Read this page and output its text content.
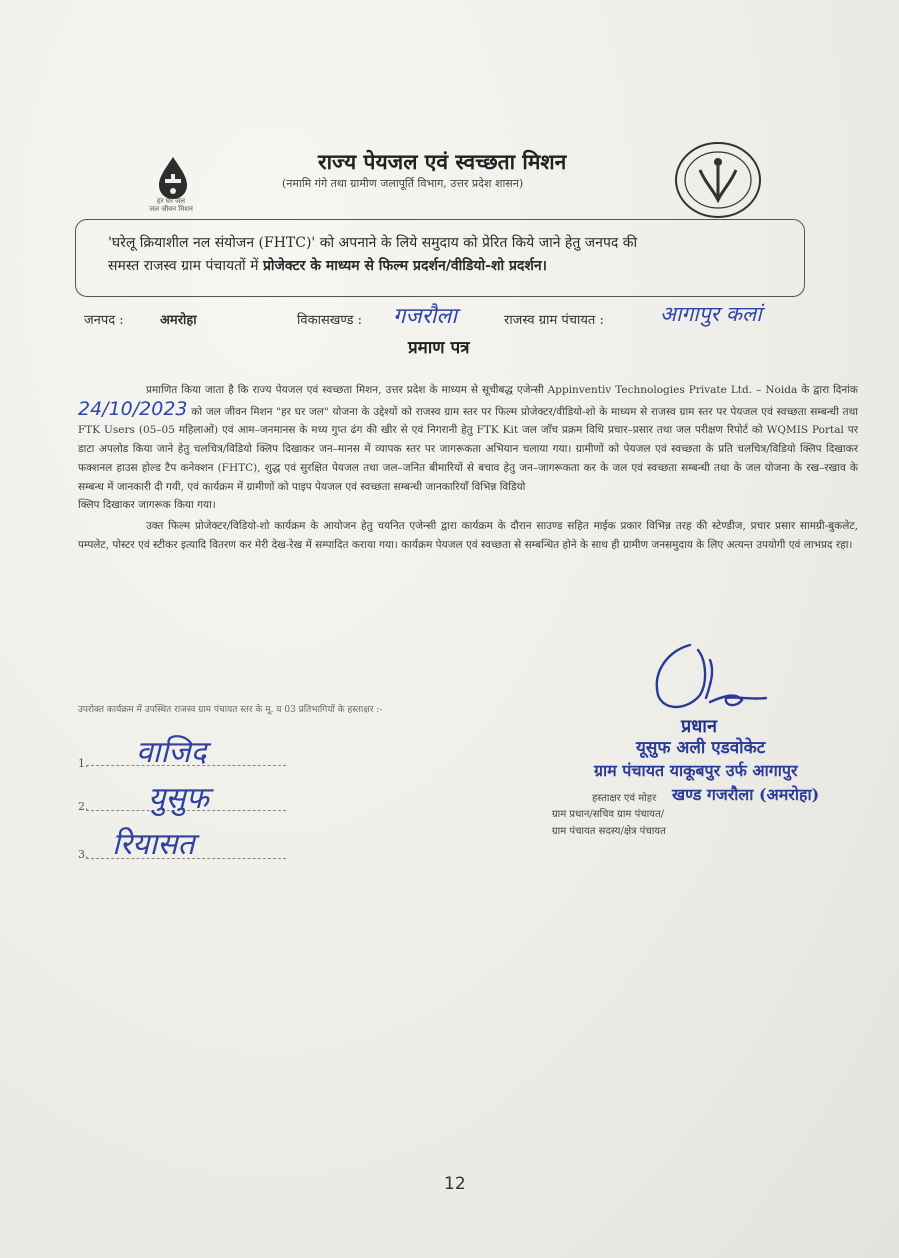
हर घर जल
जल जीवन मिशन
राज्य पेयजल एवं स्वच्छता मिशन
(नमामि गंगे तथा ग्रामीण जलापूर्ति विभाग, उत्तर प्रदेश शासन)
'घरेलू क्रियाशील नल संयोजन (FHTC)' को अपनाने के लिये समुदाय को प्रेरित किये जाने हेतु जनपद की
समस्त राजस्व ग्राम पंचायतों में प्रोजेक्टर के माध्यम से फिल्म प्रदर्शन/वीडियो-शो प्रदर्शन।
जनपद :	अमरोहा	विकासखण्ड : गजरौला	राजस्व ग्राम पंचायत :	आगापुर कलां
प्रमाण पत्र

प्रमाणित किया जाता है कि राज्य पेयजल एवं स्वच्छता मिशन, उत्तर प्रदेश के माध्यम से सूचीबद्ध एजेन्सी Appinventiv Technologies Private Ltd. – Noida के द्वारा दिनांक 24/10/2023 को जल जीवन मिशन "हर घर जल" योजना के उद्देश्यों को राजस्व ग्राम स्तर पर फिल्म प्रोजेक्टर/वीडियो-शो के माध्यम से राजस्व ग्राम स्तर पर पेयजल एवं स्वच्छता सम्बन्धी तथा FTK Users (05–05 महिलाओं) एवं आम–जनमानस के मध्य गुप्त ढंग की खीर से एवं निगरानी हेतु FTK Kit जल जाँच प्रक्रम विधि प्रचार–प्रसार तथा जल परीक्षण रिपोर्ट को WQMIS Portal पर डाटा अपलोड किया जाने हेतु चलचित्र/विडियो क्लिप दिखाकर जन–मानस में व्यापक स्तर पर जागरूकता अभियान चलाया गया। ग्रामीणों को पेयजल एवं स्वच्छता के प्रति चलचित्र/विडियो क्लिप दिखाकर फक्शनल हाउस होल्ड टैप कनेक्शन (FHTC), शुद्ध एवं सुरक्षित पेयजल तथा जल–जनित बीमारियों से बचाव हेतु जन–जागरूकता कर के जल एवं स्वच्छता सम्बन्धी तथा के जल योजना के रख–रखाव के सम्बन्ध में जानकारी दी गयी, एवं कार्यक्रम में ग्रामीणों को पाइप पेयजल एवं स्वच्छता सम्बन्धी जानकारियाँ विभिन्न विडियो

क्लिप दिखाकर जागरूक किया गया।

उक्त फिल्म प्रोजेक्टर/विडियो-शो कार्यक्रम के आयोजन हेतु चयनित एजेन्सी द्वारा कार्यक्रम के दौरान साउण्ड सहित माईक प्रकार विभिन्न तरह की स्टेण्डीज, प्रचार प्रसार सामग्री-बुकलेट, पम्पलेट, पोस्टर एवं स्टीकर इत्यादि वितरण कर मेरी देख-रेख में सम्पादित कराया गया। कार्यक्रम पेयजल एवं स्वच्छता से सम्बन्धित होने के साथ ही ग्रामीण जनसमुदाय के लिए अत्यन्त उपयोगी एवं लाभप्रद रहा।

उपरोक्त कार्यक्रम में उपस्थित राजस्व ग्राम पंचायत स्तर के मू. य 03 प्रतिभागियों के हस्ताक्षर :-
1. वाजिद
2. युसुफ
3. रियासत
प्रधान
यूसुफ अली एडवोकेट
ग्राम पंचायत याकूबपुर उर्फ आगापुर
खण्ड गजरौला (अमरोहा)
हस्ताक्षर एवं मोहर
ग्राम प्रधान/सचिव ग्राम पंचायत/
ग्राम पंचायत सदस्य/क्षेत्र पंचायत
12
